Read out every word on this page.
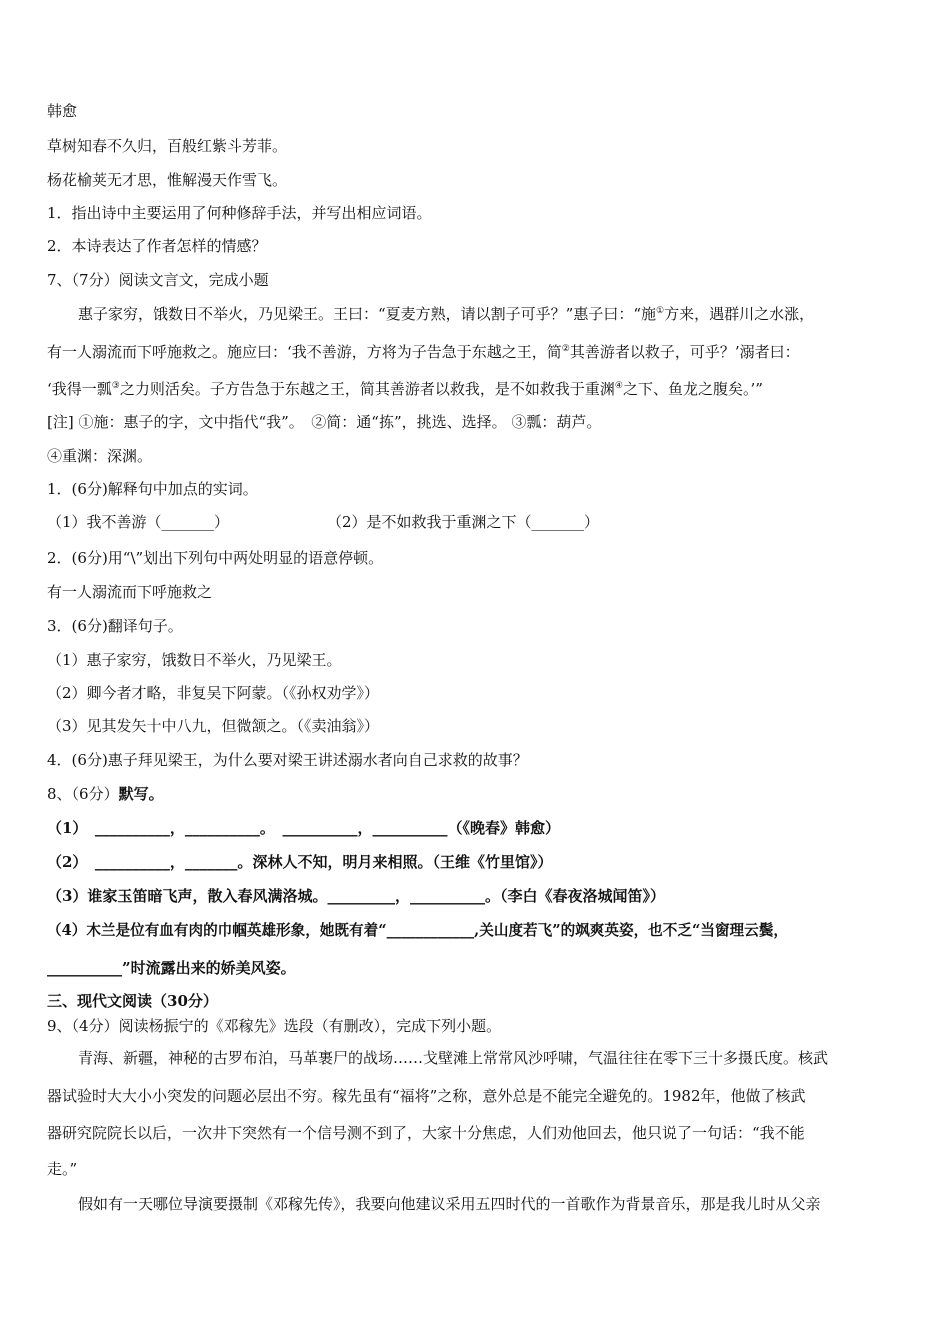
韩愈
草树知春不久归，百般红紫斗芳菲。
杨花榆荚无才思，惟解漫天作雪飞。
1．指出诗中主要运用了何种修辞手法，并写出相应词语。
2．本诗表达了作者怎样的情感？
7、（7分）阅读文言文，完成小题
惠子家穷，饿数日不举火，乃见梁王。王曰：“夏麦方熟，请以割子可乎？”惠子曰：“施①方来，遇群川之水涨，
有一人溺流而下呼施救之。施应曰：‘我不善游，方将为子告急于东越之王，简②其善游者以救子，可乎？’溺者曰：
‘我得一瓢③之力则活矣。子方告急于东越之王，简其善游者以救我，是不如救我于重渊④之下、鱼龙之腹矣。’”
[注] ①施：惠子的字，文中指代“我”。　②简：通“拣”，挑选、选择。 ③瓢：葫芦。
④重渊：深渊。
1．(6分)解释句中加点的实词。
（1）我不善游（_______）	（2）是不如救我于重渊之下（_______）
2．(6分)用“\”划出下列句中两处明显的语意停顿。
有一人溺流而下呼施救之
3．(6分)翻译句子。
（1）惠子家穷，饿数日不举火，乃见梁王。
（2）卿今者才略，非复吴下阿蒙。（《孙权劝学》）
（3）见其发矢十中八九，但微颔之。（《卖油翁》）
4．(6分)惠子拜见梁王，为什么要对梁王讲述溺水者向自己求救的故事？
8、（6分）默写。
（1）　__________，__________。　__________，__________（《晚春》韩愈）
（2）　__________，_______。深林人不知，明月来相照。（王维《竹里馆》）
（3）谁家玉笛暗飞声，散入春风满洛城。_________，__________。（李白《春夜洛城闻笛》）
（4）木兰是位有血有肉的巾帼英雄形象，她既有着“____________,关山度若飞”的飒爽英姿，也不乏“当窗理云鬓，
__________”时流露出来的娇美风姿。
三、现代文阅读（30分）
9、（4分）阅读杨振宁的《邓稼先》选段（有删改），完成下列小题。
青海、新疆，神秘的古罗布泊，马革裹尸的战场……戈壁滩上常常风沙呼啸，气温往往在零下三十多摄氏度。核武
器试验时大大小小突发的问题必层出不穷。稼先虽有“福将”之称，意外总是不能完全避免的。1982年，他做了核武
器研究院院长以后，一次井下突然有一个信号测不到了，大家十分焦虑，人们劝他回去，他只说了一句话：“我不能
走。”
假如有一天哪位导演要摄制《邓稼先传》，我要向他建议采用五四时代的一首歌作为背景音乐，那是我儿时从父亲
